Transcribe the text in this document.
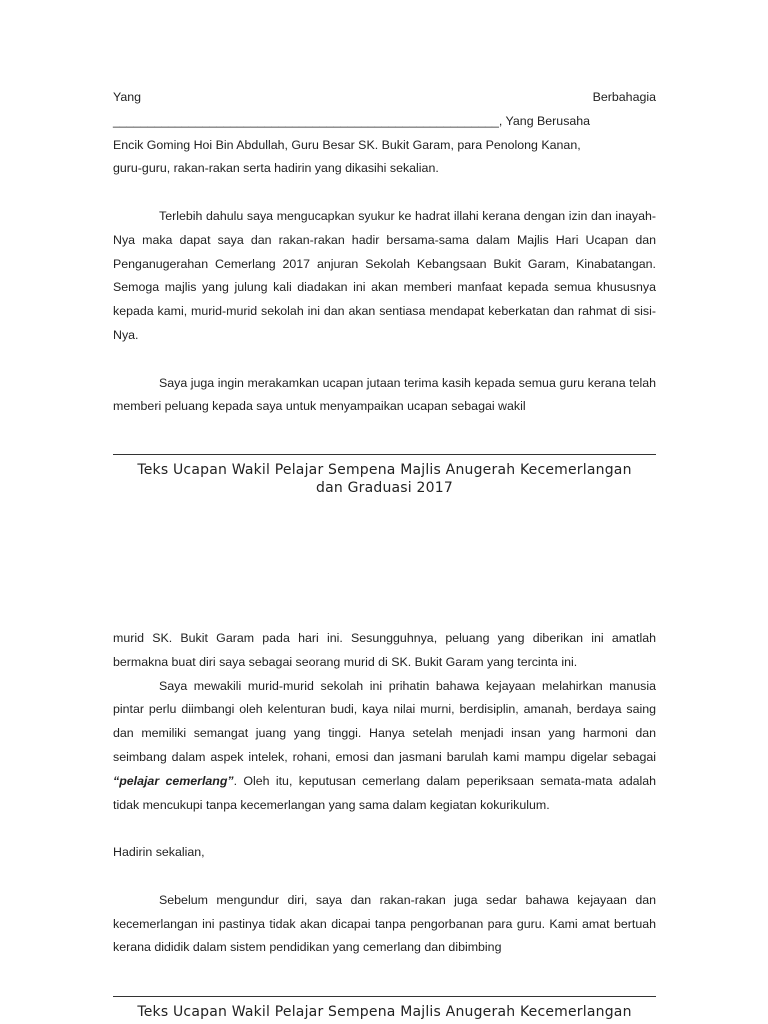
Yang	Berbahagia

________________________________________________________, Yang Berusaha

Encik Goming Hoi Bin Abdullah, Guru Besar SK. Bukit Garam, para Penolong Kanan,

guru-guru, rakan-rakan serta hadirin yang dikasihi sekalian.

Terlebih dahulu saya mengucapkan syukur ke hadrat illahi kerana dengan izin dan inayah-Nya maka dapat saya dan rakan-rakan hadir bersama-sama dalam Majlis Hari Ucapan dan Penganugerahan Cemerlang 2017 anjuran Sekolah Kebangsaan Bukit Garam, Kinabatangan. Semoga majlis yang julung kali diadakan ini akan memberi manfaat kepada semua khususnya kepada kami, murid-murid sekolah ini dan akan sentiasa mendapat keberkatan dan rahmat di sisi-Nya.

Saya juga ingin merakamkan ucapan jutaan terima kasih kepada semua guru kerana telah memberi peluang kepada saya untuk menyampaikan ucapan sebagai wakil

Teks Ucapan Wakil Pelajar Sempena Majlis Anugerah Kecemerlangan
dan Graduasi 2017

murid SK. Bukit Garam pada hari ini. Sesungguhnya, peluang yang diberikan ini amatlah bermakna buat diri saya sebagai seorang murid di SK. Bukit Garam yang tercinta ini.

Saya mewakili murid-murid sekolah ini prihatin bahawa kejayaan melahirkan manusia pintar perlu diimbangi oleh kelenturan budi, kaya nilai murni, berdisiplin, amanah, berdaya saing dan memiliki semangat juang yang tinggi. Hanya setelah menjadi insan yang harmoni dan seimbang dalam aspek intelek, rohani, emosi dan jasmani barulah kami mampu digelar sebagai “pelajar cemerlang”. Oleh itu, keputusan cemerlang dalam peperiksaan semata-mata adalah tidak mencukupi tanpa kecemerlangan yang sama dalam kegiatan kokurikulum.

Hadirin sekalian,

Sebelum mengundur diri, saya dan rakan-rakan juga sedar bahawa kejayaan dan kecemerlangan ini pastinya tidak akan dicapai tanpa pengorbanan para guru. Kami amat bertuah kerana dididik dalam sistem pendidikan yang cemerlang dan dibimbing

Teks Ucapan Wakil Pelajar Sempena Majlis Anugerah Kecemerlangan
